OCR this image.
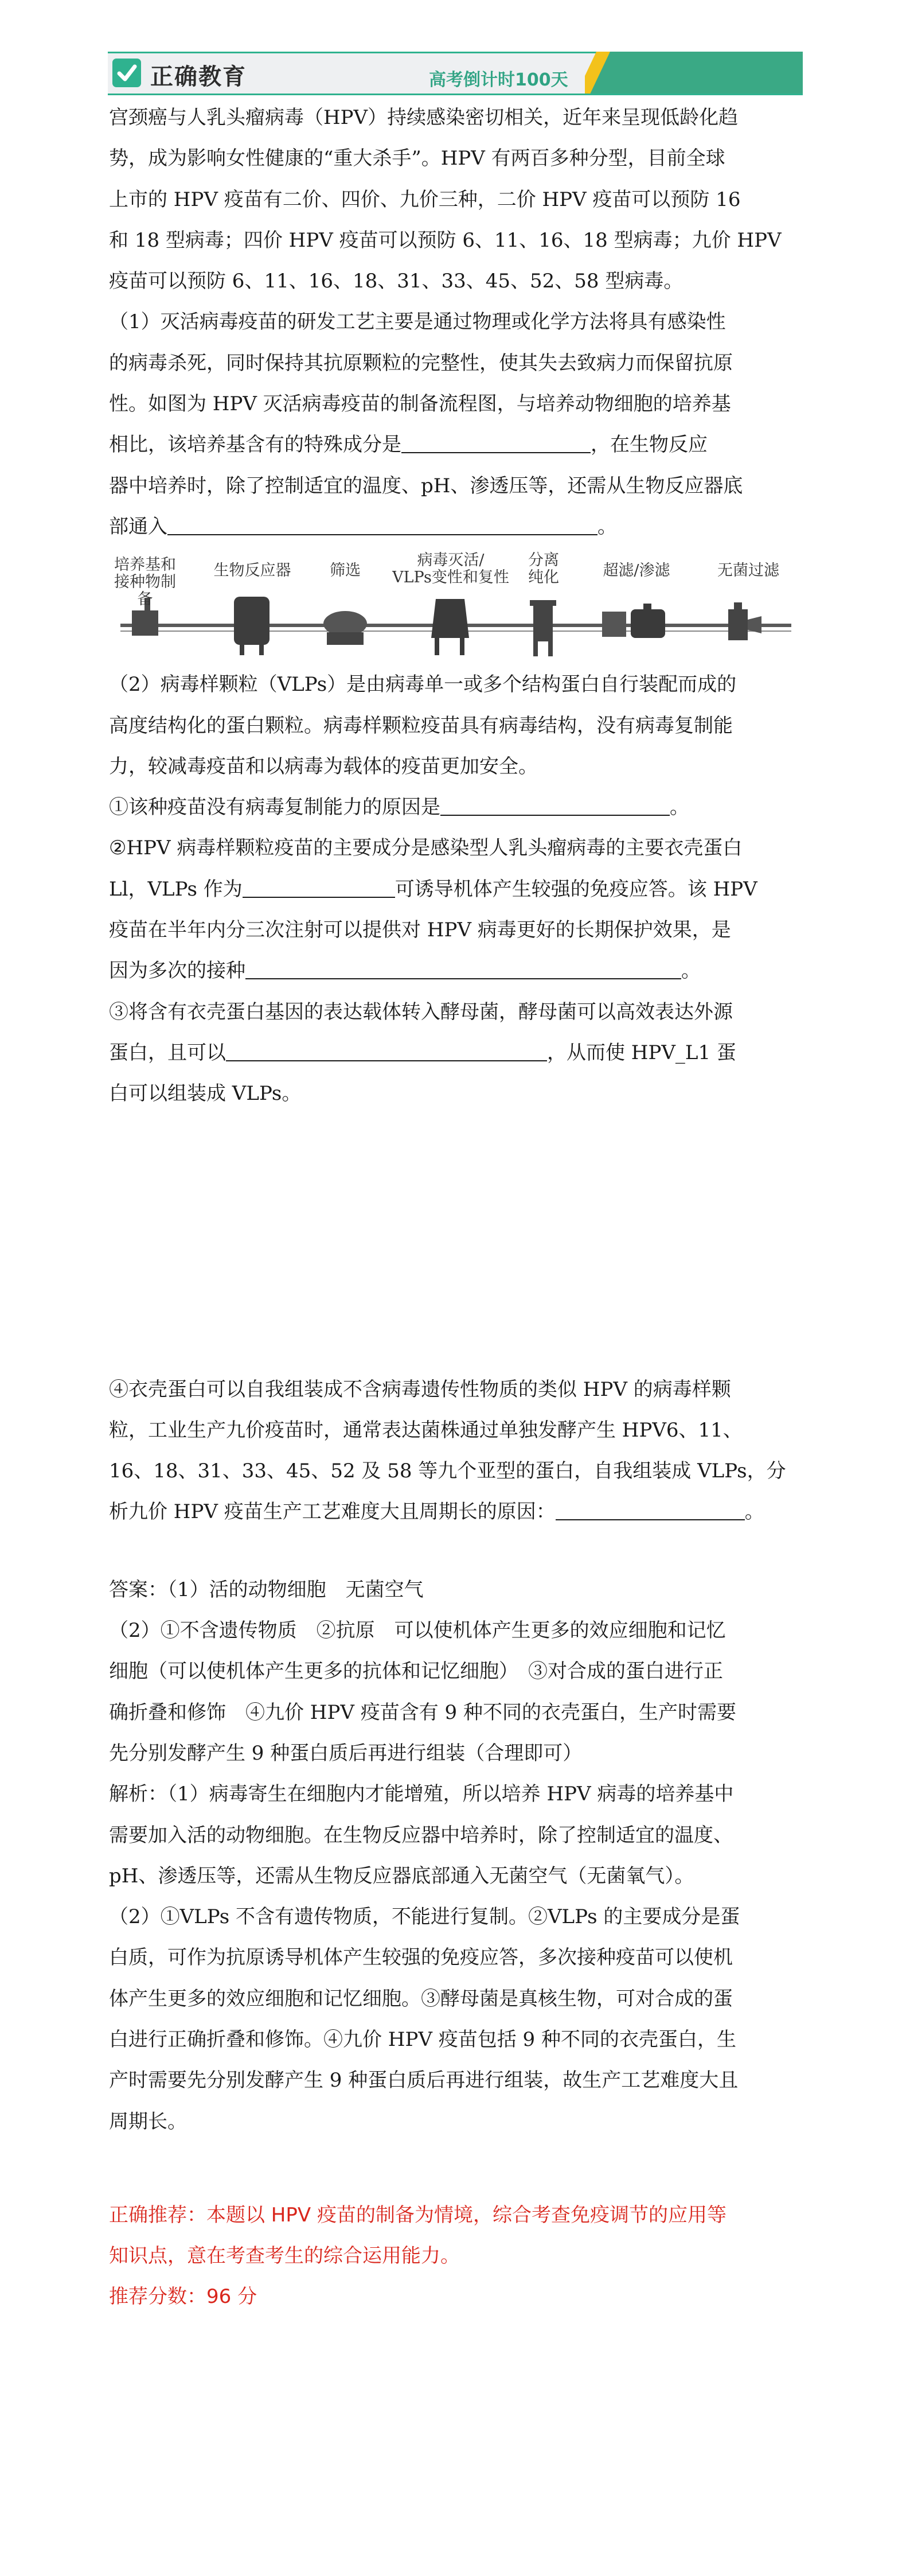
正确教育	高考倒计时100天
每日一题

宫颈癌与人乳头瘤病毒（HPV）持续感染密切相关，近年来呈现低龄化趋

势，成为影响女性健康的“重大杀手”。HPV 有两百多种分型，目前全球

上市的 HPV 疫苗有二价、四价、九价三种，二价 HPV 疫苗可以预防 16

和 18 型病毒；四价 HPV 疫苗可以预防 6、11、16、18 型病毒；九价 HPV

疫苗可以预防 6、11、16、18、31、33、45、52、58 型病毒。

（1）灭活病毒疫苗的研发工艺主要是通过物理或化学方法将具有感染性

的病毒杀死，同时保持其抗原颗粒的完整性，使其失去致病力而保留抗原

性。如图为 HPV 灭活病毒疫苗的制备流程图，与培养动物细胞的培养基

相比，该培养基含有的特殊成分是	，在生物反应

器中培养时，除了控制适宜的温度、pH、渗透压等，还需从生物反应器底

部通入	。

培养基和
接种物制备
生物反应器	筛选
病毒灭活/
VLPs变性和复性
分离
纯化	超滤/渗滤	无菌过滤

（2）病毒样颗粒（VLPs）是由病毒单一或多个结构蛋白自行装配而成的

高度结构化的蛋白颗粒。病毒样颗粒疫苗具有病毒结构，没有病毒复制能

力，较减毒疫苗和以病毒为载体的疫苗更加安全。

①该种疫苗没有病毒复制能力的原因是	。

②HPV 病毒样颗粒疫苗的主要成分是感染型人乳头瘤病毒的主要衣壳蛋白

Ll，VLPs 作为	可诱导机体产生较强的免疫应答。该 HPV

疫苗在半年内分三次注射可以提供对 HPV 病毒更好的长期保护效果，是

因为多次的接种	。

③将含有衣壳蛋白基因的表达载体转入酵母菌，酵母菌可以高效表达外源

蛋白，且可以	，从而使 HPV_L1 蛋

白可以组装成 VLPs。

④衣壳蛋白可以自我组装成不含病毒遗传性物质的类似 HPV 的病毒样颗

粒，工业生产九价疫苗时，通常表达菌株通过单独发酵产生 HPV6、11、

16、18、31、33、45、52 及 58 等九个亚型的蛋白，自我组装成 VLPs，分

析九价 HPV 疫苗生产工艺难度大且周期长的原因：	。

答案：（1）活的动物细胞　无菌空气

（2）①不含遗传物质　②抗原　可以使机体产生更多的效应细胞和记忆

细胞（可以使机体产生更多的抗体和记忆细胞）　③对合成的蛋白进行正

确折叠和修饰　④九价 HPV 疫苗含有 9 种不同的衣壳蛋白，生产时需要

先分别发酵产生 9 种蛋白质后再进行组装（合理即可）

解析：（1）病毒寄生在细胞内才能增殖，所以培养 HPV 病毒的培养基中

需要加入活的动物细胞。在生物反应器中培养时，除了控制适宜的温度、

pH、渗透压等，还需从生物反应器底部通入无菌空气（无菌氧气）。

（2）①VLPs 不含有遗传物质，不能进行复制。②VLPs 的主要成分是蛋

白质，可作为抗原诱导机体产生较强的免疫应答，多次接种疫苗可以使机

体产生更多的效应细胞和记忆细胞。③酵母菌是真核生物，可对合成的蛋

白进行正确折叠和修饰。④九价 HPV 疫苗包括 9 种不同的衣壳蛋白，生

产时需要先分别发酵产生 9 种蛋白质后再进行组装，故生产工艺难度大且

周期长。

正确推荐：本题以 HPV 疫苗的制备为情境，综合考查免疫调节的应用等

知识点，意在考查考生的综合运用能力。

推荐分数：96 分
